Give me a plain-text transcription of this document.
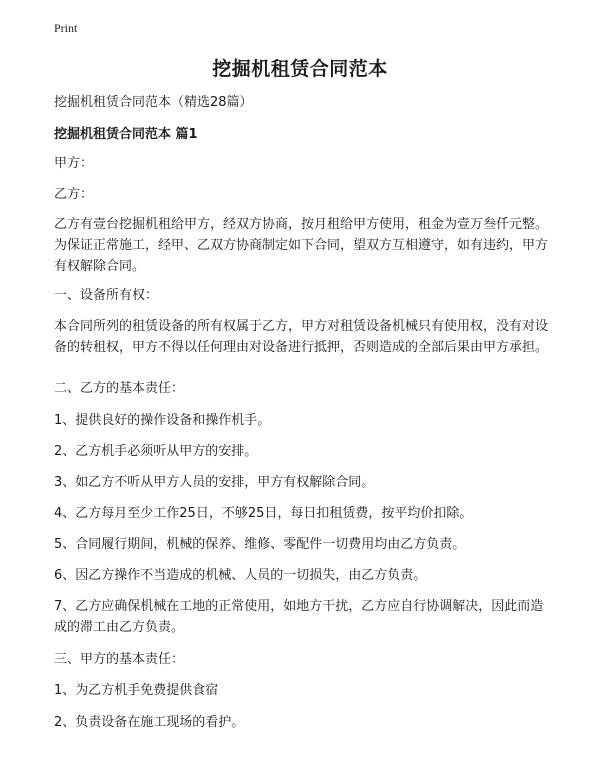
Print
挖掘机租赁合同范本

挖掘机租赁合同范本（精选28篇）

挖掘机租赁合同范本 篇1

甲方：

乙方：

乙方有壹台挖掘机租给甲方，经双方协商，按月租给甲方使用，租金为壹万叁仟元整。为保证正常施工，经甲、乙双方协商制定如下合同，望双方互相遵守，如有违约，甲方有权解除合同。

一、设备所有权：

本合同所列的租赁设备的所有权属于乙方，甲方对租赁设备机械只有使用权，没有对设备的转租权，甲方不得以任何理由对设备进行抵押，否则造成的全部后果由甲方承担。

二、乙方的基本责任：

1、提供良好的操作设备和操作机手。

2、乙方机手必须听从甲方的安排。

3、如乙方不听从甲方人员的安排，甲方有权解除合同。

4、乙方每月至少工作25日，不够25日，每日扣租赁费，按平均价扣除。

5、合同履行期间，机械的保养、维修、零配件一切费用均由乙方负责。

6、因乙方操作不当造成的机械、人员的一切损失，由乙方负责。

7、乙方应确保机械在工地的正常使用，如地方干扰，乙方应自行协调解决，因此而造成的滞工由乙方负责。

三、甲方的基本责任：

1、为乙方机手免费提供食宿

2、负责设备在施工现场的看护。
